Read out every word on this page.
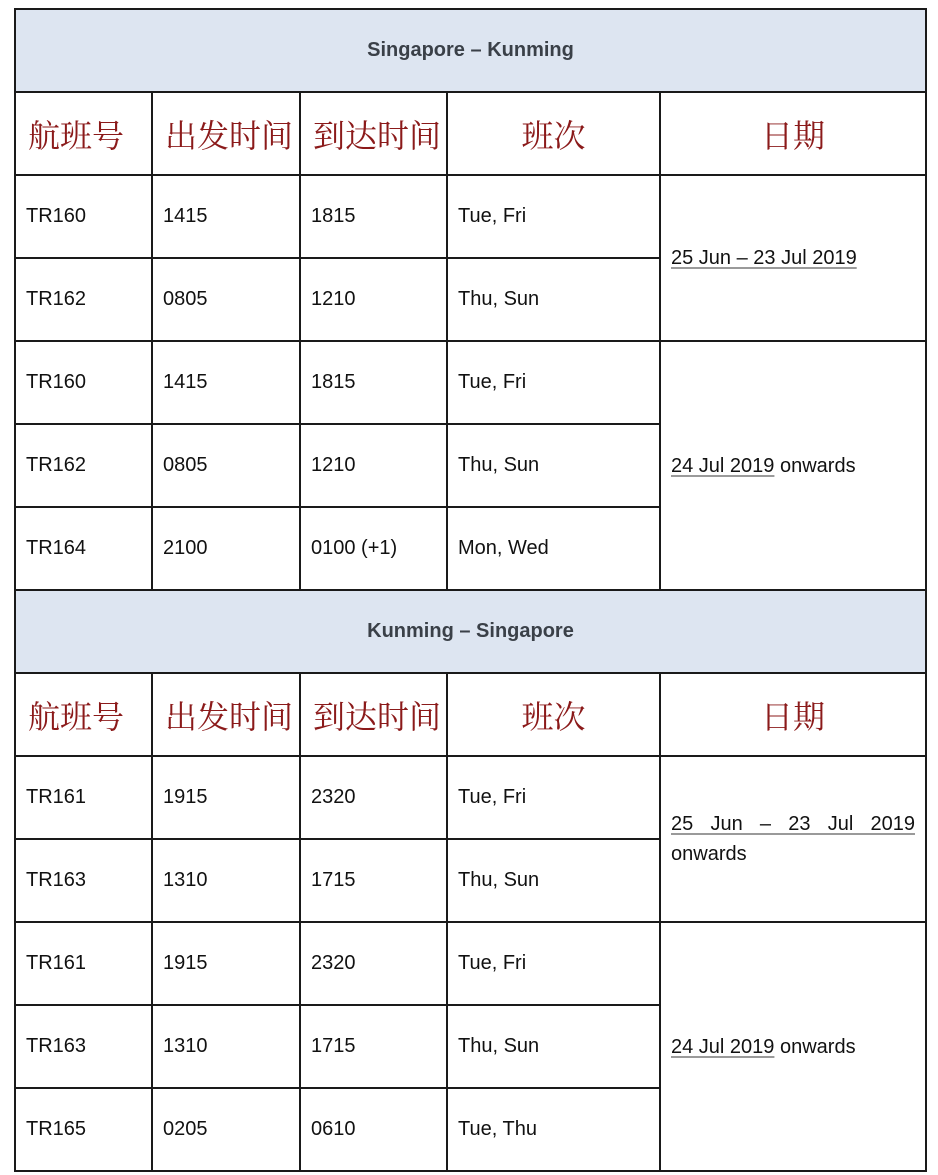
Singapore – Kunming				
航班号	出发时间	到达时间	班次	日期
TR160	1415	1815	Tue, Fri	25 Jun – 23 Jul 2019
TR162	0805	1210	Thu, Sun	
TR160	1415	1815	Tue, Fri	24 Jul 2019 onwards
TR162	0805	1210	Thu, Sun	
TR164	2100	0100 (+1)	Mon, Wed	
Kunming – Singapore				
航班号	出发时间	到达时间	班次	日期
TR161	1915	2320	Tue, Fri	25 Jun – 23 Jul 2019
onwards
TR163	1310	1715	Thu, Sun	
TR161	1915	2320	Tue, Fri	24 Jul 2019 onwards
TR163	1310	1715	Thu, Sun	
TR165	0205	0610	Tue, Thu	
